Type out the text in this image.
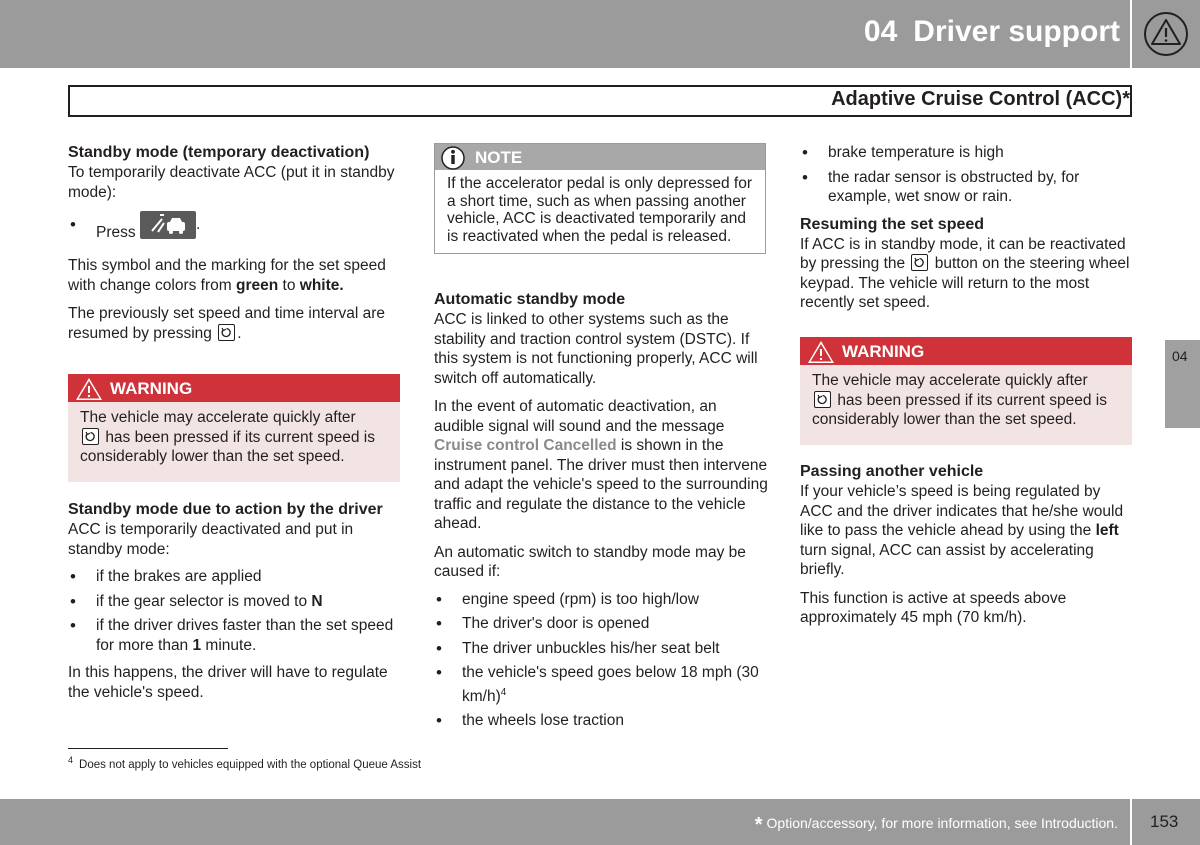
04 Driver support
Adaptive Cruise Control (ACC)*
04
Standby mode (temporary deactivation)

To temporarily deactivate ACC (put it in standby mode):

• Press	.

This symbol and the marking for the set speed with change colors from green to white.

The previously set speed and time interval are resumed by pressing .

WARNING
The vehicle may accelerate quickly after

has been pressed if its current speed is considerably lower than the set speed.
Standby mode due to action by the driver

ACC is temporarily deactivated and put in standby mode:

• if the brakes are applied
• if the gear selector is moved to N
• if the driver drives faster than the set speed for more than 1 minute.

In this happens, the driver will have to regulate the vehicle's speed.

NOTE
If the accelerator pedal is only depressed for a short time, such as when passing another vehicle, ACC is deactivated temporarily and is reactivated when the pedal is released.
Automatic standby mode

ACC is linked to other systems such as the stability and traction control system (DSTC). If this system is not functioning properly, ACC will switch off automatically.

In the event of automatic deactivation, an audible signal will sound and the message Cruise control Cancelled is shown in the instrument panel. The driver must then intervene and adapt the vehicle's speed to the surrounding traffic and regulate the distance to the vehicle ahead.

An automatic switch to standby mode may be caused if:

• engine speed (rpm) is too high/low
• The driver's door is opened
• The driver unbuckles his/her seat belt
• the vehicle's speed goes below 18 mph (30 km/h)$^4$
• the wheels lose traction
• brake temperature is high
• the radar sensor is obstructed by, for example, wet snow or rain.
Resuming the set speed

If ACC is in standby mode, it can be reactivated by pressing the button on the steering wheel keypad. The vehicle will return to the most recently set speed.

WARNING
The vehicle may accelerate quickly after

has been pressed if its current speed is considerably lower than the set speed.
Passing another vehicle

If your vehicle’s speed is being regulated by ACC and the driver indicates that he/she would like to pass the vehicle ahead by using the left turn signal, ACC can assist by accelerating briefly.

This function is active at speeds above approximately 45 mph (70 km/h).

$^4$ Does not apply to vehicles equipped with the optional Queue Assist
* Option/accessory, for more information, see Introduction. 153
